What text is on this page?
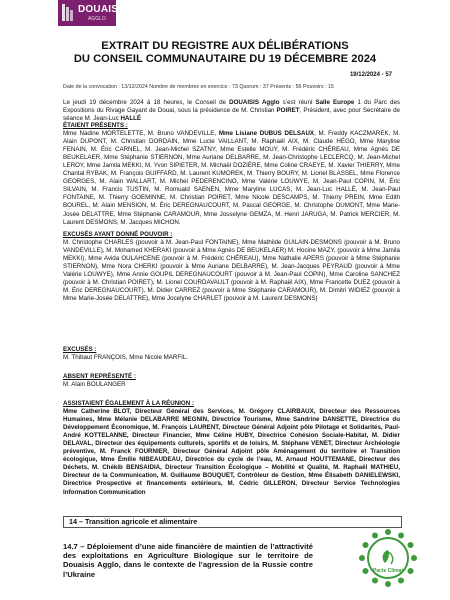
DOUAISIS
AGGLO
EXTRAIT DU REGISTRE AUX DÉLIBÉRATIONS
DU CONSEIL COMMUNAUTAIRE DU 19 DÉCEMBRE 2024
19/12/2024 - 57
Date de la convocation : 13/12/2024 Nombre de membres en exercice : 73 Quorum : 37 Présents : 56 Pouvoirs : 15

Le jeudi 19 décembre 2024 à 18 heures, le Conseil de DOUAISIS Agglo s’est réuni Salle Europe 1 du Parc des Expositions du Rivage Gayant de Douai, sous la présidence de M. Christian POIRET, Président, avec pour Secrétaire de séance M. Jean-Luc HALLÉ

ÉTAIENT PRÉSENTS :

Mme Nadine MORTELETTE, M. Bruno VANDEVILLE, Mme Lisiane DUBUS DELSAUX, M. Freddy KACZMAREK, M. Alain DUPONT, M. Christian DORDAIN, Mme Lucie VAILLANT, M. Raphaël AIX, M. Claude HÉGO, Mme Marylise FENAIN, M. Éric CARNEL, M. Jean-Michel SZATNY, Mme Estelle MOUY, M. Frédéric CHÉREAU, Mme Agnès DE BEUKELAER, Mme Stéphanie STIERNON, Mme Auriane DELBARRE, M. Jean-Christophe LECLERCQ, M. Jean-Michel LEROY, Mme Jamila MEKKI, M. Yvon SIPIETER, M. Michaël DOZIÈRE, Mme Coline CRAEYE, M. Xavier THIERRY, Mme Chantal RYBAK, M. François GUIFFARD, M. Laurent KUMOREK, M. Thierry BOURY, M. Lionel BLASSEL, Mme Florence GEORGES, M. Alain WALLART, M. Michel PEDERENCINO, Mme Valérie LOUWYE, M. Jean-Paul COPIN, M. Éric SILVAIN, M. Francis TUSTIN, M. Romuald SAENEN, Mme Maryline LUCAS, M. Jean-Luc HALLÉ, M. Jean-Paul FONTAINE, M. Thierry GOEMINNE, M. Christian POIRET, Mme Nicole DESCAMPS, M. Thierry PREIN, Mme Edith BOUREL, M. Alain MENSION, M. Éric DEREGNAUCOURT, M. Pascal GEORGE, M. Christophe DUMONT, Mme Marie-Josée DELATTRE, Mme Stéphanie CARAMOUR, Mme Josselyne GEMZA, M. Henri JARUGA, M. Patrick MERCIER, M. Laurent DESMONS, M. Jacques MICHON.

EXCUSÉS AYANT DONNÉ POUVOIR :

M. Christophe CHARLES (pouvoir à M. Jean-Paul FONTAINE), Mme Mathilde GUILAIN-DESMONS (pouvoir à M. Bruno VANDEVILLE), M. Mohamed KHERAKI (pouvoir à Mme Agnès DE BEUKELAER) M. Hocine MAZY, (pouvoir à Mme Jamila MEKKI), Mme Avida OULAHCENE (pouvoir à M. Frédéric CHÉREAU), Mme Nathalie APERS (pouvoir à Mme Stéphanie STIERNON), Mme Nora CHERKI (pouvoir à Mme Auriane DELBARRE), M. Jean-Jacques PEYRAUD (pouvoir à Mme Valérie LOUWYE), Mme Annie GOUPIL DEREGNAUCOURT (pouvoir à M. Jean-Paul COPIN), Mme Caroline SANCHEZ (pouvoir à M. Christian POIRET), M. Lionel COURDAVAULT (pouvoir à M. Raphaël AIX), Mme Francette DUEZ (pouvoir à M. Éric DEREGNAUCOURT), M. Didier CARREZ (pouvoir à Mme Stéphanie CARAMOUR), M. Dimitri WIDIEZ (pouvoir à Mme Marie-Josée DELATTRE), Mme Jocelyne CHARLET (pouvoir à M. Laurent DESMONS)

EXCUSÉS :

M. Thibaut FRANÇOIS, Mme Nicole MARFIL.

ABSENT REPRÉSENTÉ :

M. Alain BOULANGER

ASSISTAIENT ÉGALEMENT À LA RÉUNION :

Mme Catherine BLOT, Directeur Général des Services, M. Grégory CLAIRBAUX, Directeur des Ressources Humaines, Mme Mélanie DELABARRE MEGNIN, Directrice Tourisme, Mme Sandrine DANSETTE, Directrice du Développement Économique, M. François LAURENT, Directeur Général Adjoint pôle Pilotage et Solidarités, Paul-André KOTTELANNE, Directeur Financier, Mme Céline HUBY, Directrice Cohésion Sociale-Habitat, M. Didier DELAVAL, Directeur des équipements culturels, sportifs et de loisirs, M. Stéphane VENET, Directeur Archéologie préventive, M. Franck FOURNIER, Directeur Général Adjoint pôle Aménagement du territoire et Transition écologique, Mme Émilie NIBEAUDEAU, Directrice du cycle de l’eau, M. Arnaud HOUTTEMANE, Directeur des Déchets, M. Chékib BENSAIDIA, Directeur Transition Écologique – Mobilité et Qualité, M. Raphaël MATHIEU, Directeur de la Communication, M. Guillaume BOUQUET, Contrôleur de Gestion, Mme Élisabeth DANIELEWSKI, Directrice Prospective et financements extérieurs, M. Cédric GILLERON, Directeur Service Technologies Information Communication

14 – Transition agricole et alimentaire
14.7 – Déploiement d’une aide financière de maintien de l’attractivité des exploitations en Agriculture Biologique sur le territoire de Douaisis Agglo, dans le contexte de l’agression de la Russie contre l’Ukraine	Pacte Climat
